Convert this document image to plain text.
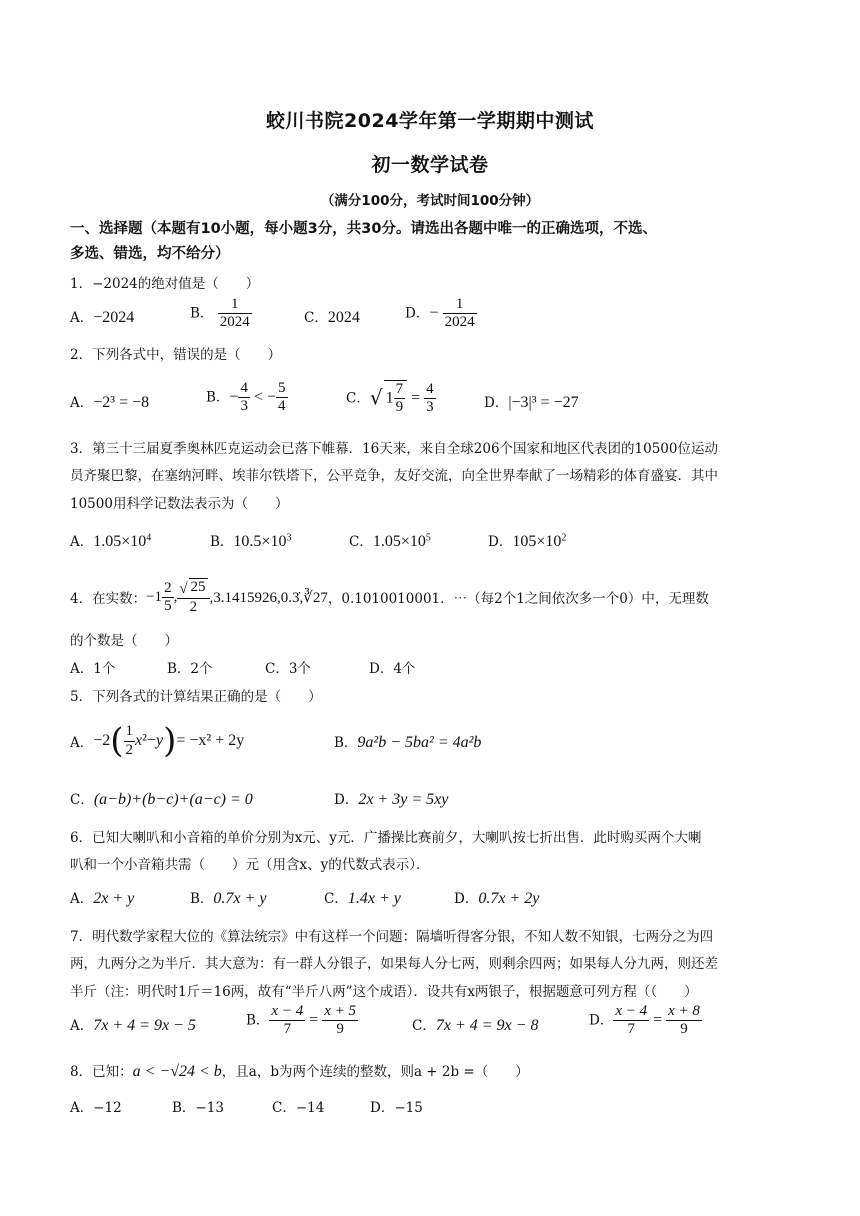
蛟川书院2024学年第一学期期中测试
初一数学试卷
（满分100分，考试时间100分钟）
一、选择题（本题有10小题，每小题3分，共30分。请选出各题中唯一的正确选项，不选、
多选、错选，均不给分）
1．−2024的绝对值是（　　）
A．−2024	B． $\frac{1}{2024}$	C．2024	D．− $\frac{1}{2024}$
2．下列各式中，错误的是（　　）
A．−2³ = −8	B．− $\frac{4}{3}$ < − $\frac{5}{4}$	C．√ $1 \frac{7}{9} = \frac{4}{3}$	D．|−3|³ = −27
3．第三十三届夏季奥林匹克运动会已落下帷幕．16天来，来自全球206个国家和地区代表团的10500位运动
员齐聚巴黎，在塞纳河畔、埃菲尔铁塔下，公平竞争，友好交流，向全世界奉献了一场精彩的体育盛宴．其中
10500用科学记数法表示为（　　）
A．$1.05\times 10^4$	B．$10.5\times 10^3$	C．$1.05\times 10^5$	D．$105\times 10^2$
4．在实数： $-1 \frac{2}{5}$ , $\frac{√ 25}{2}$ ,3.1415926,0.3̇,∛27 ，0.1010010001．⋯（每2个1之间依次多一个0）中，无理数
的个数是（　　）
A．1个	B．2个	C．3个	D．4个
5．下列各式的计算结果正确的是（　　）
A． −2 ( $\frac{1}{2} x^2-y$ ) = −x² + 2y	B．9a²b − 5ba² = 4a²b
C．(a−b)+(b−c)+(a−c) = 0	D．2x + 3y = 5xy
6．已知大喇叭和小音箱的单价分别为x元、y元．广播操比赛前夕，大喇叭按七折出售．此时购买两个大喇
叭和一个小音箱共需（　　）元（用含x、y的代数式表示）．
A．2x + y	B．0.7x + y	C．1.4x + y	D．0.7x + 2y
7．明代数学家程大位的《算法统宗》中有这样一个问题：隔墙听得客分银，不知人数不知银，七两分之为四
两，九两分之为半斤．其大意为：有一群人分银子，如果每人分七两，则剩余四两；如果每人分九两，则还差
半斤（注：明代时1斤＝16两，故有“半斤八两”这个成语）．设共有x两银子，根据题意可列方程（（　　）
A．7x + 4 = 9x − 5	B． $\frac{x - 4}{7} = \frac{x + 5}{9}$	C．7x + 4 = 9x − 8	D． $\frac{x - 4}{7} = \frac{x + 8}{9}$
8．已知：a < −√24 < b，且a，b为两个连续的整数，则a + 2b =（　　）
A．−12	B．−13	C．−14	D．−15
